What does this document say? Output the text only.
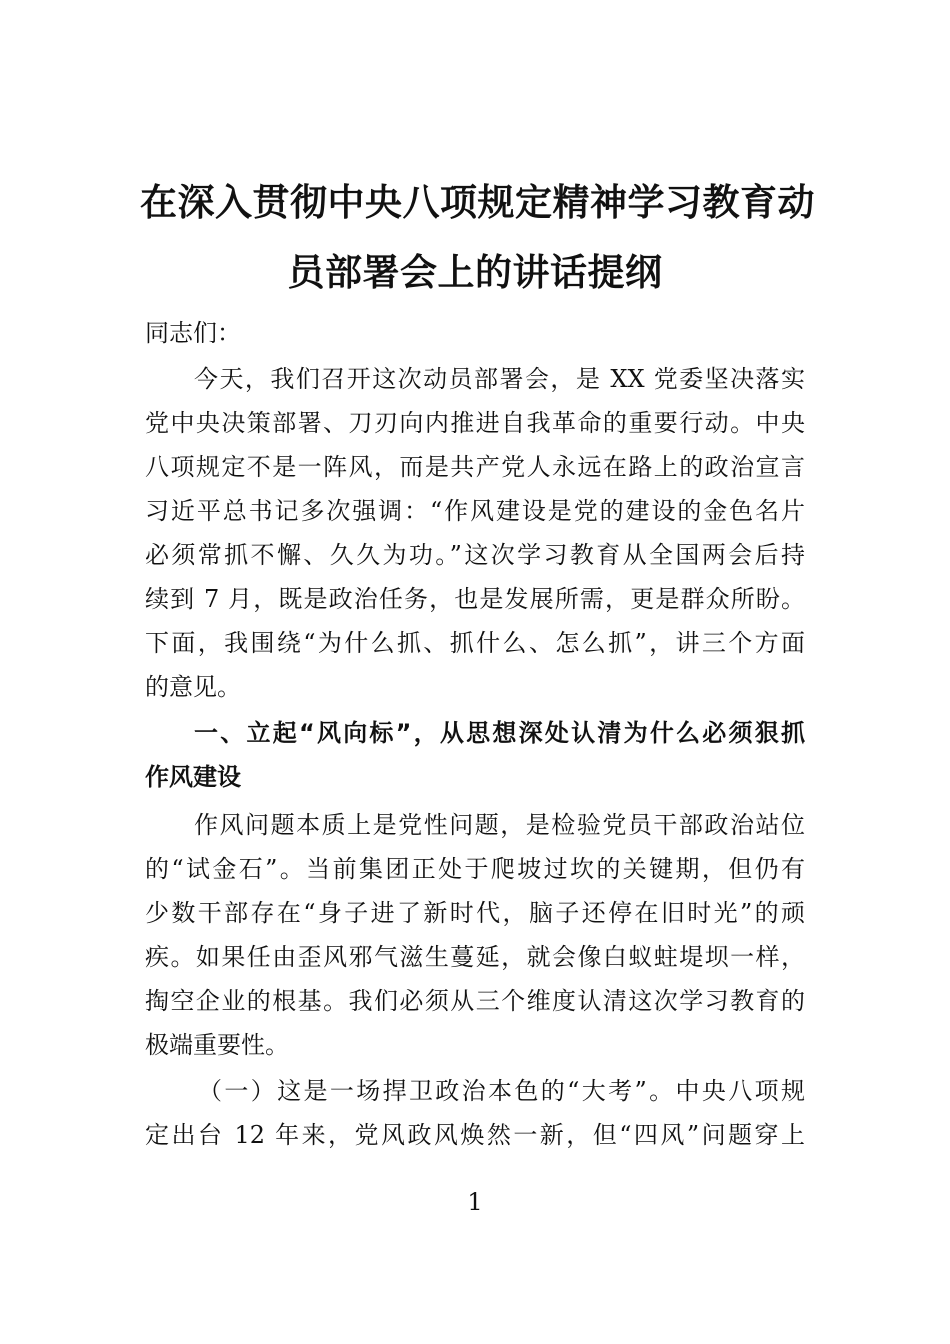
在深入贯彻中央八项规定精神学习教育动
员部署会上的讲话提纲
同志们：
今天，我们召开这次动员部署会，是 XX 党委坚决落实
党中央决策部署、刀刃向内推进自我革命的重要行动。中央
八项规定不是一阵风，而是共产党人永远在路上的政治宣言
习近平总书记多次强调：“作风建设是党的建设的金色名片
必须常抓不懈、久久为功。”这次学习教育从全国两会后持
续到 7 月，既是政治任务，也是发展所需，更是群众所盼。
下面，我围绕“为什么抓、抓什么、怎么抓”，讲三个方面
的意见。
一、立起“风向标”，从思想深处认清为什么必须狠抓
作风建设
作风问题本质上是党性问题，是检验党员干部政治站位
的“试金石”。当前集团正处于爬坡过坎的关键期，但仍有
少数干部存在“身子进了新时代，脑子还停在旧时光”的顽
疾。如果任由歪风邪气滋生蔓延，就会像白蚁蛀堤坝一样，
掏空企业的根基。我们必须从三个维度认清这次学习教育的
极端重要性。
（一）这是一场捍卫政治本色的“大考”。中央八项规
定出台 12 年来，党风政风焕然一新，但“四风”问题穿上
1
